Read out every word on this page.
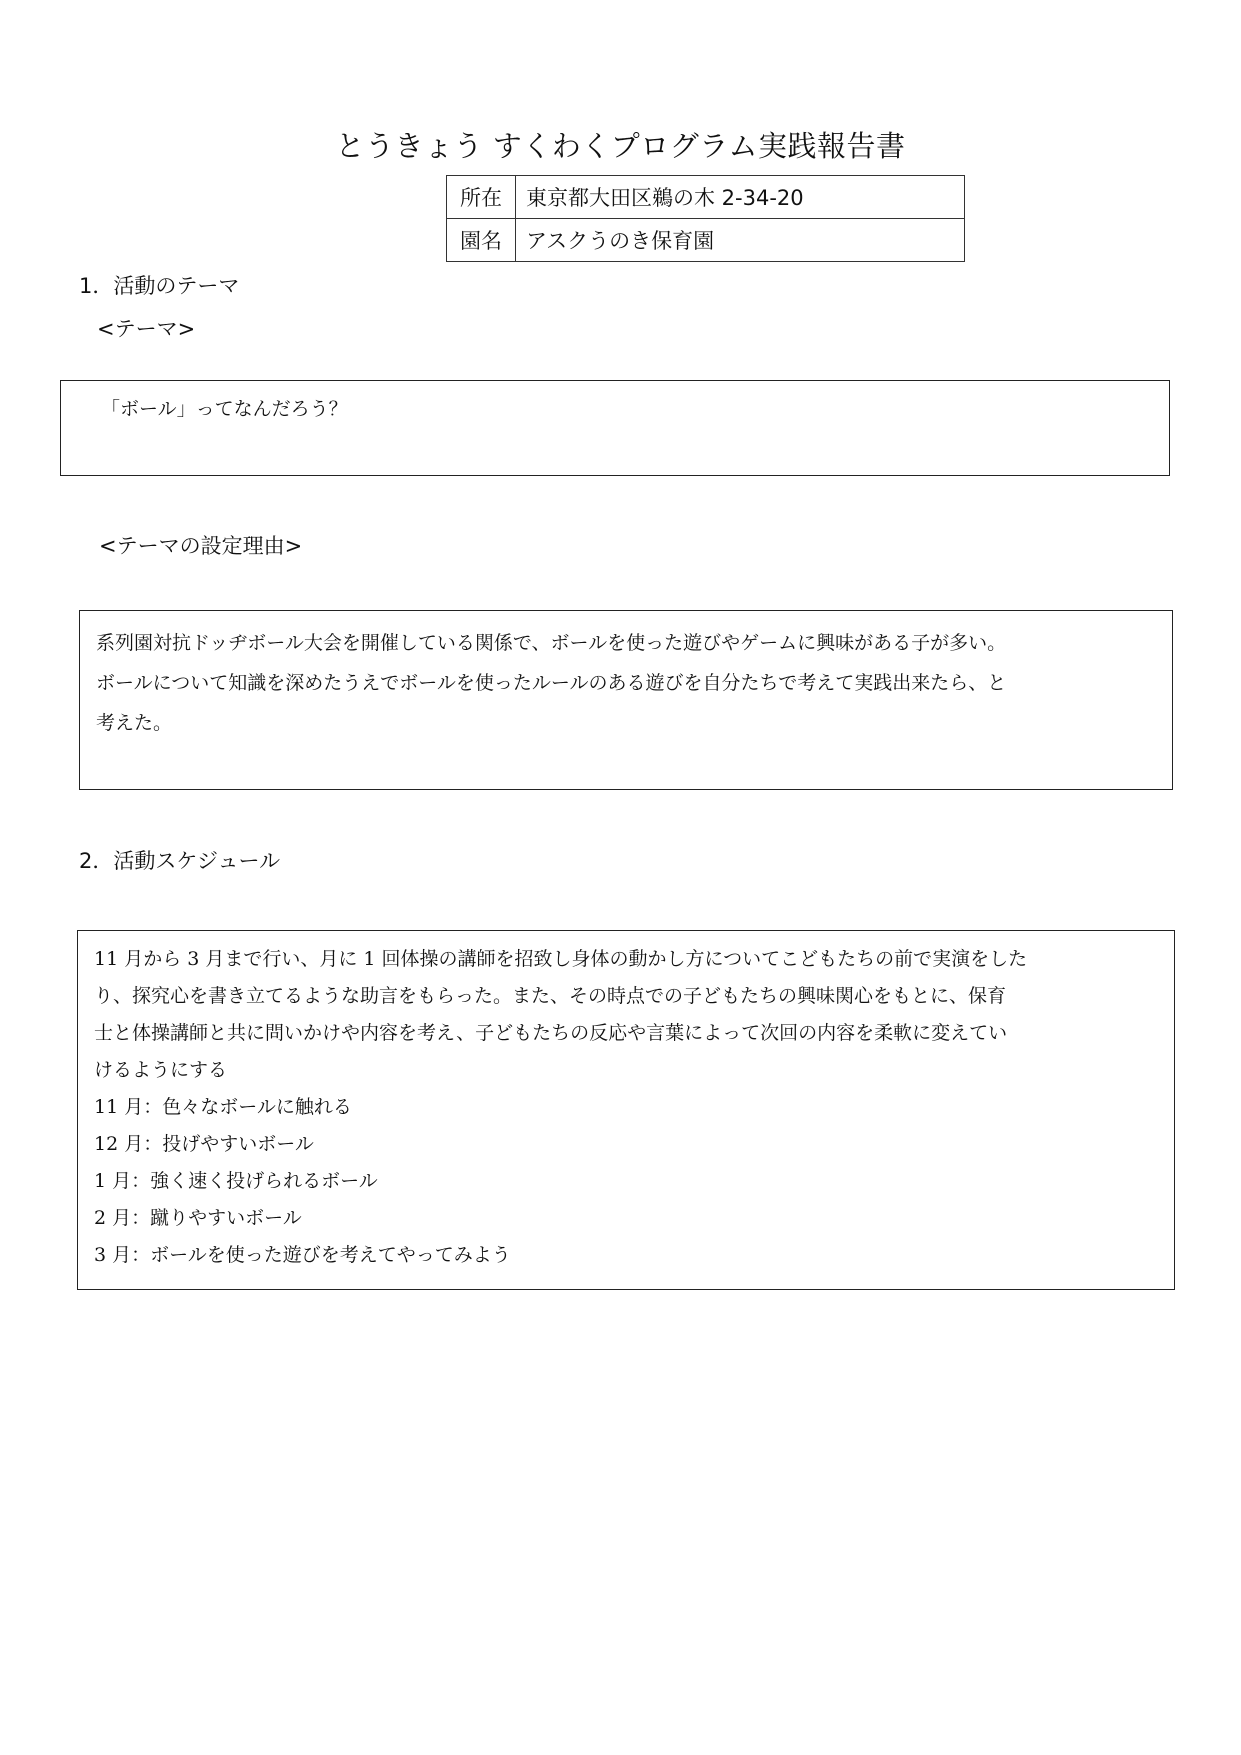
とうきょう すくわくプログラム実践報告書
所在	東京都大田区鵜の木 2-34-20
園名	アスクうのき保育園
1．活動のテーマ
<テーマ>
「ボール」ってなんだろう？
<テーマの設定理由>
系列園対抗ドッヂボール大会を開催している関係で、ボールを使った遊びやゲームに興味がある子が多い。
ボールについて知識を深めたうえでボールを使ったルールのある遊びを自分たちで考えて実践出来たら、と
考えた。
2．活動スケジュール
11 月から 3 月まで行い、月に 1 回体操の講師を招致し身体の動かし方についてこどもたちの前で実演をした
り、探究心を書き立てるような助言をもらった。また、その時点での子どもたちの興味関心をもとに、保育
士と体操講師と共に問いかけや内容を考え、子どもたちの反応や言葉によって次回の内容を柔軟に変えてい
けるようにする
11 月：色々なボールに触れる
12 月：投げやすいボール
1 月：強く速く投げられるボール
2 月：蹴りやすいボール
3 月：ボールを使った遊びを考えてやってみよう
